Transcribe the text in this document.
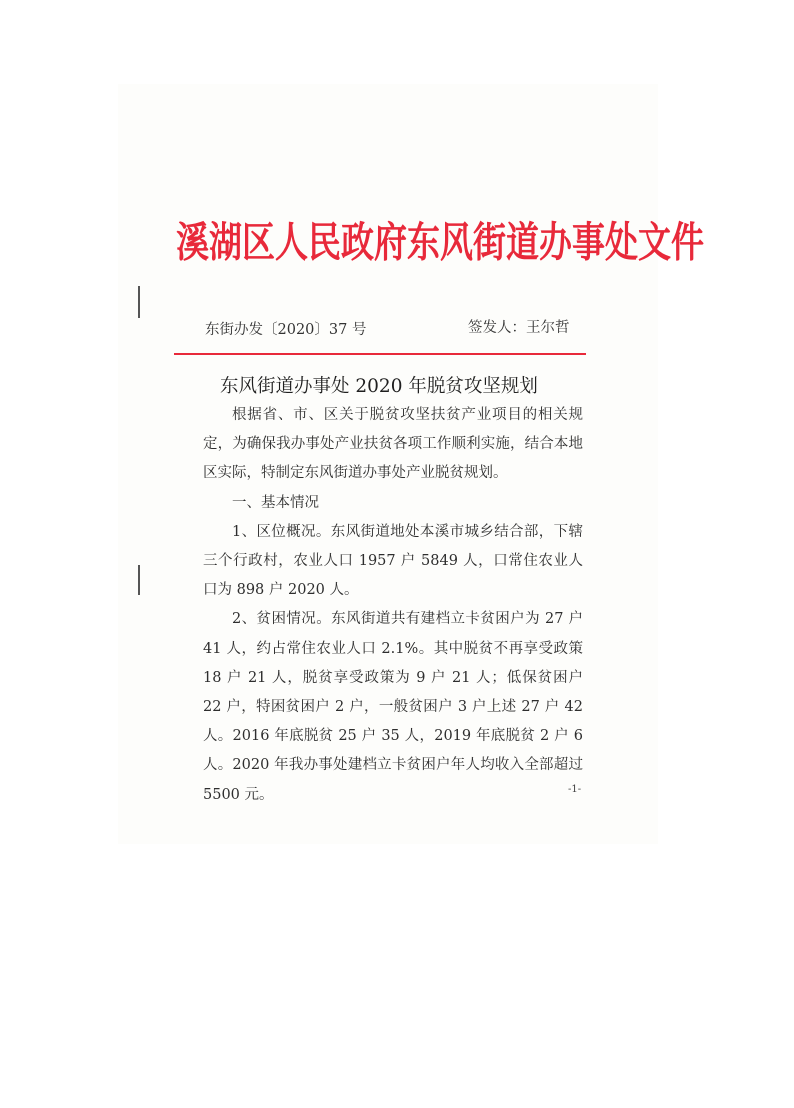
溪湖区人民政府东风街道办事处文件
东街办发〔2020〕37 号	签发人：王尔哲
东风街道办事处 2020 年脱贫攻坚规划

根据省、市、区关于脱贫攻坚扶贫产业项目的相关规定，为确保我办事处产业扶贫各项工作顺利实施，结合本地区实际，特制定东风街道办事处产业脱贫规划。

一、基本情况

1、区位概况。东风街道地处本溪市城乡结合部，下辖三个行政村，农业人口 1957 户 5849 人，口常住农业人口为 898 户 2020 人。

2、贫困情况。东风街道共有建档立卡贫困户为 27 户 41 人，约占常住农业人口 2.1%。其中脱贫不再享受政策 18 户 21 人，脱贫享受政策为 9 户 21 人；低保贫困户 22 户，特困贫困户 2 户，一般贫困户 3 户上述 27 户 42 人。2016 年底脱贫 25 户 35 人，2019 年底脱贫 2 户 6 人。2020 年我办事处建档立卡贫困户年人均收入全部超过 5500 元。	-1-
